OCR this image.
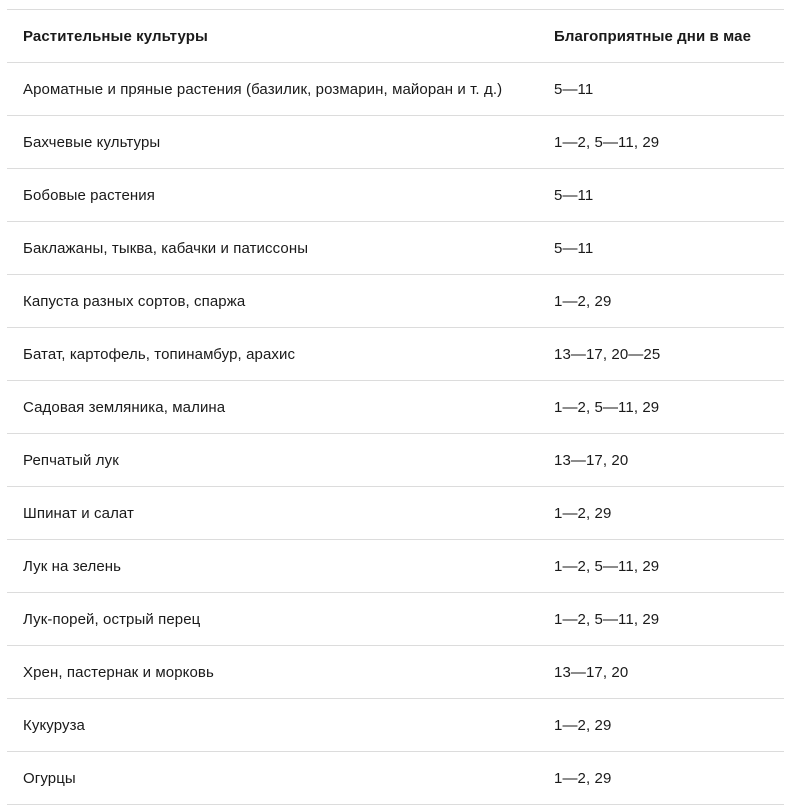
Растительные культуры	Благоприятные дни в мае
Ароматные и пряные растения (базилик, розмарин, майоран и т. д.)	5—11
Бахчевые культуры	1—2, 5—11, 29
Бобовые растения	5—11
Баклажаны, тыква, кабачки и патиссоны	5—11
Капуста разных сортов, спаржа	1—2, 29
Батат, картофель, топинамбур, арахис	13—17, 20—25
Садовая земляника, малина	1—2, 5—11, 29
Репчатый лук	13—17, 20
Шпинат и салат	1—2, 29
Лук на зелень	1—2, 5—11, 29
Лук-порей, острый перец	1—2, 5—11, 29
Хрен, пастернак и морковь	13—17, 20
Кукуруза	1—2, 29
Огурцы	1—2, 29
